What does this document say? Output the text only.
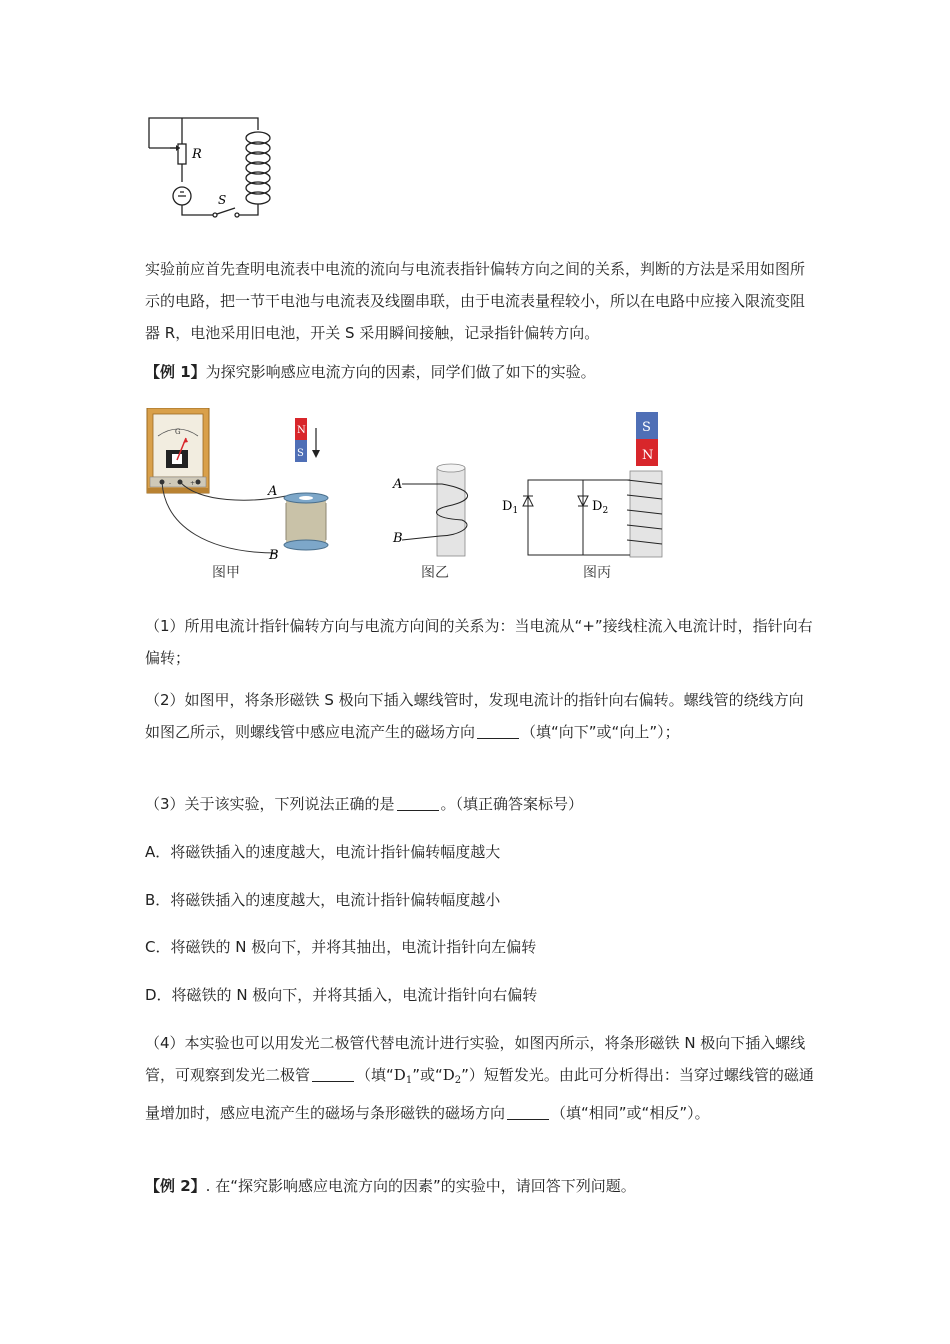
R
S

实验前应首先查明电流表中电流的流向与电流表指针偏转方向之间的关系，判断的方法是采用如图所示的电路，把一节干电池与电流表及线圈串联，由于电流表量程较小，所以在电路中应接入限流变阻器 R，电池采用旧电池，开关 S 采用瞬间接触，记录指针偏转方向。

【例 1】为探究影响感应电流方向的因素，同学们做了如下的实验。

G
-	+
N
S
A
B
图甲
A
B
图乙
S
N
$D_1$	$D_2$
图丙

（1）所用电流计指针偏转方向与电流方向间的关系为：当电流从“+”接线柱流入电流计时，指针向右偏转；

（2）如图甲，将条形磁铁 S 极向下插入螺线管时，发现电流计的指针向右偏转。螺线管的绕线方向如图乙所示，则螺线管中感应电流产生的磁场方向	（填“向下”或“向上”）；

（3）关于该实验，下列说法正确的是	。（填正确答案标号）

A．将磁铁插入的速度越大，电流计指针偏转幅度越大

B．将磁铁插入的速度越大，电流计指针偏转幅度越小

C．将磁铁的 N 极向下，并将其抽出，电流计指针向左偏转

D．将磁铁的 N 极向下，并将其插入，电流计指针向右偏转

（4）本实验也可以用发光二极管代替电流计进行实验，如图丙所示，将条形磁铁 N 极向下插入螺线管，可观察到发光二极管	（填“$D_1$”或“$D_2$”）短暂发光。由此可分析得出：当穿过螺线管的磁通量增加时，感应电流产生的磁场与条形磁铁的磁场方向	（填“相同”或“相反”）。

【例 2】. 在“探究影响感应电流方向的因素”的实验中，请回答下列问题。
